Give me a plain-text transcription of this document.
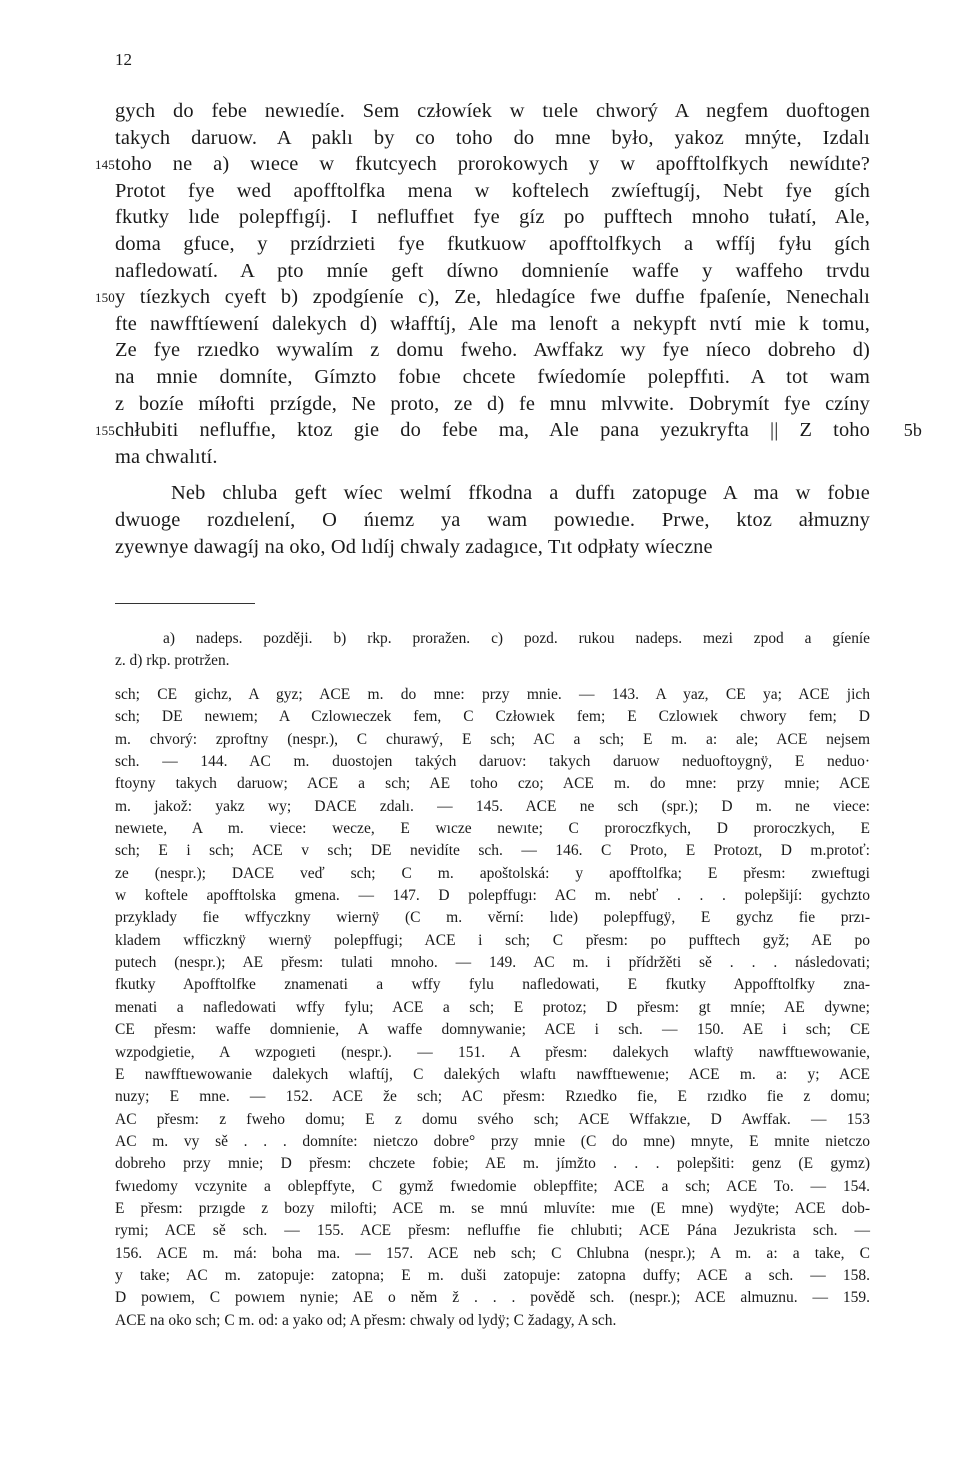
12
gych do febe newıedíe. Sem człowíek w tıele chworý A negfem duoftogen
takych daruow. A paklı by co toho do mne było, yakoz mnýte, Izdalı
145 toho ne a) wıece w fkutcyech prorokowych y w apofftolfkych newídıte?
Protot fye wed apofftolfka mena w koftelech zwíeftugíj, Nebt fye gích
fkutky lıde polepffıgíj. I nefluffıet fye gíz po pufftech mnoho tułatí, Ale,
doma gfuce, y przídrzieti fye fkutkuow apofftolfkych a wffíj fyłu gích
nafledowatí. A pto mníe geft díwno domnieníe waffe y waffeho trvdu
150 y tíezkych cyeft b) zpodgíeníe c), Ze, hledagíce fwe duffıe fpaſeníe, Nenechalı
fte nawfftíewení dalekych d) włafftíj, Ale ma lenoft a nekypft nvtí mie k tomu,
Ze fye rzıedko wywalím z domu fweho. Awffakz wy fye níeco dobreho d)
na mnie domníte, Gímzto fobıe chcete fwíedomíe polepffıti. A tot wam
z bozíe míłofti przígde, Ne proto, ze d) fe mnu mlvwite. Dobrymít fye czíny
155 chłubiti nefluffıe, ktoz gie do febe ma, Ale pana yezukryfta || Z toho 5b
ma chwalıtí.
Neb chluba geft wíec welmí ffkodna a duffı zatopuge A ma w fobıe
dwuoge rozdıelení, O ńıemz ya wam powıedıe. Prwe, ktoz ałmuzny
zyewnye dawagíj na oko, Od lıdíj chwaly zadagıce, Tıt odpłaty wíeczne
a) nadeps. později. b) rkp. proražen. c) pozd. rukou nadeps. mezi zpod a gíeníe
z. d) rkp. protržen.
sch; CE gichz, A gyz; ACE m. do mne: przy mnie. — 143. A yaz, CE ya; ACE jich
sch; DE newıem; A Czlowıeczek fem, C Człowıek fem; E Czlowıek chwory fem; D
m. chvorý: zproftny (nespr.), C churawý, E sch; AC a sch; E m. a: ale; ACE nejsem
sch. — 144. AC m. duostojen takých daruov: takych daruow neduoftoygnÿ, E neduo·
ftoyny takych daruow; ACE a sch; AE toho czo; ACE m. do mne: przy mnie; ACE
m. jakož: yakz wy; DACE zdalı. — 145. ACE ne sch (spr.); D m. ne viece:
newıete, A m. viece: wecze, E wıcze newıte; C proroczfkych, D proroczkych, E
sch; E i sch; ACE v sch; DE nevidíte sch. — 146. C Proto, E Protozt, D m.protoť:
ze (nespr.); DACE veď sch; C m. apoštolská: y apofftolfka; E přesm: zwıeftugi
w koftele apofftolska gmena. — 147. D polepffugı: AC m. nebť . . . polepšijí: gychzto
przyklady fie wffyczkny wiernÿ (C m. věrní: lıde) polepffugÿ, E gychz fie przı-
kladem wfficzknÿ wıernÿ polepffugi; ACE i sch; C přesm: po pufftech gyž; AE po
putech (nespr.); AE přesm: tulati mnoho. — 149. AC m. i přídržěti sě . . . následovati;
fkutky Apofftolfke znamenati a wffy fylu nafledowati, E fkutky Appofftolfky zna-
menati a nafledowati wffy fylu; ACE a sch; E protoz; D přesm: gt mníe; AE dywne;
CE přesm: waffe domnienie, A waffe domnywanie; ACE i sch. — 150. AE i sch; CE
wzpodgietie, A wzpogıeti (nespr.). — 151. A přesm: dalekych wlaftÿ nawfftıewowanie,
E nawfftıewowanie dalekych wlaftíj, C dalekých wlaftı nawfftıewenıe; ACE m. a: y; ACE
nuzy; E mne. — 152. ACE že sch; AC přesm: Rzıedko fie, E rzıdko fie z domu;
AC přesm: z fweho domu; E z domu svého sch; ACE Wffakzıe, D Awffak. — 153
AC m. vy sě . . . domníte: nietczo dobre° przy mnie (C do mne) mnyte, E mnite nietczo
dobreho przy mnie; D přesm: chczete fobie; AE m. jímžto . . . polepšiti: genz (E gymz)
fwıedomy vczynite a oblepffyte, C gymž fwıedomie oblepffite; ACE a sch; ACE To. — 154.
E přesm: przıgde z bozy milofti; ACE m. se mnú mluvíte: mıe (E mne) wydÿte; ACE dob-
rymi; ACE sě sch. — 155. ACE přesm: nefluffıe fie chlubıti; ACE Pána Jezukrista sch. —
156. ACE m. má: boha ma. — 157. ACE neb sch; C Chlubna (nespr.); A m. a: a take, C
y take; AC m. zatopuje: zatopna; E m. duši zatopuje: zatopna duffy; ACE a sch. — 158.
D powıem, C powıem nynie; AE o něm ž . . . povědě sch. (nespr.); ACE almuznu. — 159.
ACE na oko sch; C m. od: a yako od; A přesm: chwaly od lydÿ; C žadagy, A sch.
